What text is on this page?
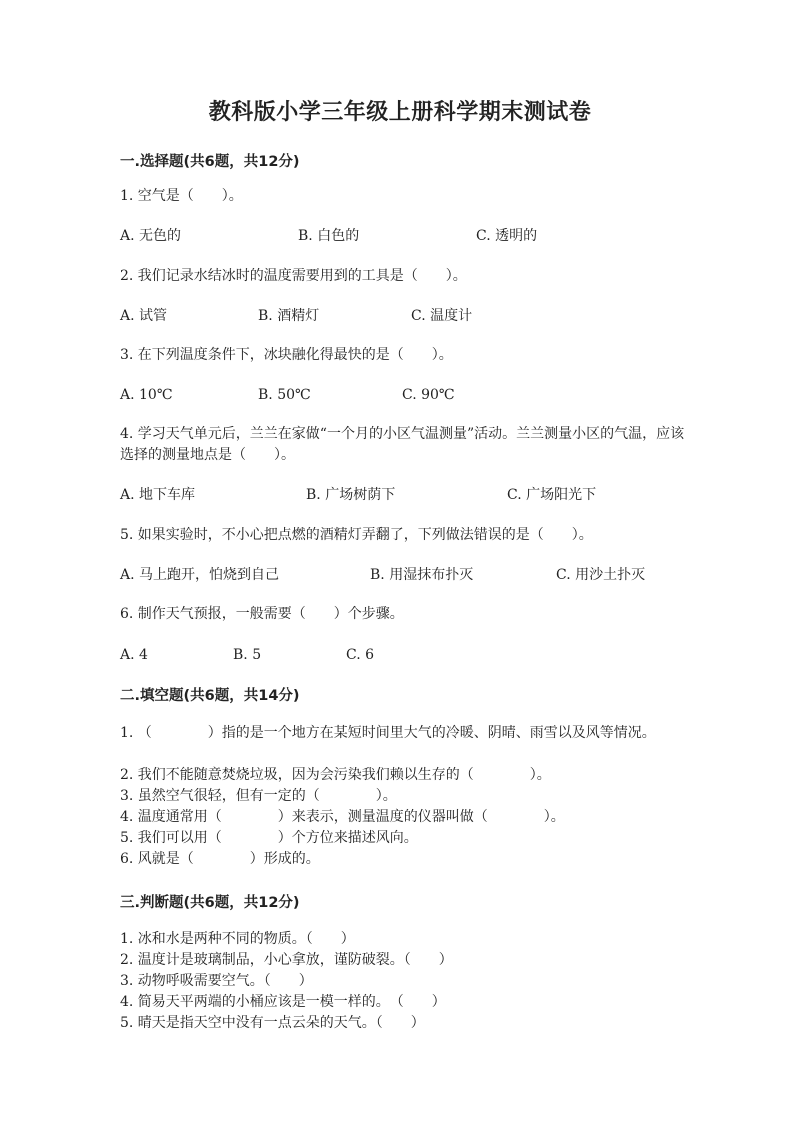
教科版小学三年级上册科学期末测试卷
一.选择题(共6题，共12分)
1. 空气是（　　）。
A. 无色的	B. 白色的	C. 透明的
2. 我们记录水结冰时的温度需要用到的工具是（　　）。
A. 试管	B. 酒精灯	C. 温度计
3. 在下列温度条件下，冰块融化得最快的是（　　）。
A. 10℃	B. 50℃	C. 90℃
4. 学习天气单元后，兰兰在家做“一个月的小区气温测量”活动。兰兰测量小区的气温，应该选择的测量地点是（　　）。
A. 地下车库	B. 广场树荫下	C. 广场阳光下
5. 如果实验时，不小心把点燃的酒精灯弄翻了，下列做法错误的是（　　）。
A. 马上跑开，怕烧到自己	B. 用湿抹布扑灭	C. 用沙土扑灭
6. 制作天气预报，一般需要（　　）个步骤。
A. 4	B. 5	C. 6
二.填空题(共6题，共14分)
1. （　　　　）指的是一个地方在某短时间里大气的冷暖、阴晴、雨雪以及风等情况。
2. 我们不能随意焚烧垃圾，因为会污染我们赖以生存的（　　　　）。
3. 虽然空气很轻，但有一定的（　　　　）。
4. 温度通常用（　　　　）来表示，测量温度的仪器叫做（　　　　）。
5. 我们可以用（　　　　）个方位来描述风向。
6. 风就是（　　　　）形成的。
三.判断题(共6题，共12分)
1. 冰和水是两种不同的物质。（　　）
2. 温度计是玻璃制品，小心拿放，谨防破裂。（　　）
3. 动物呼吸需要空气。（　　）
4. 简易天平两端的小桶应该是一模一样的。　（　　）
5. 晴天是指天空中没有一点云朵的天气。（　　）
